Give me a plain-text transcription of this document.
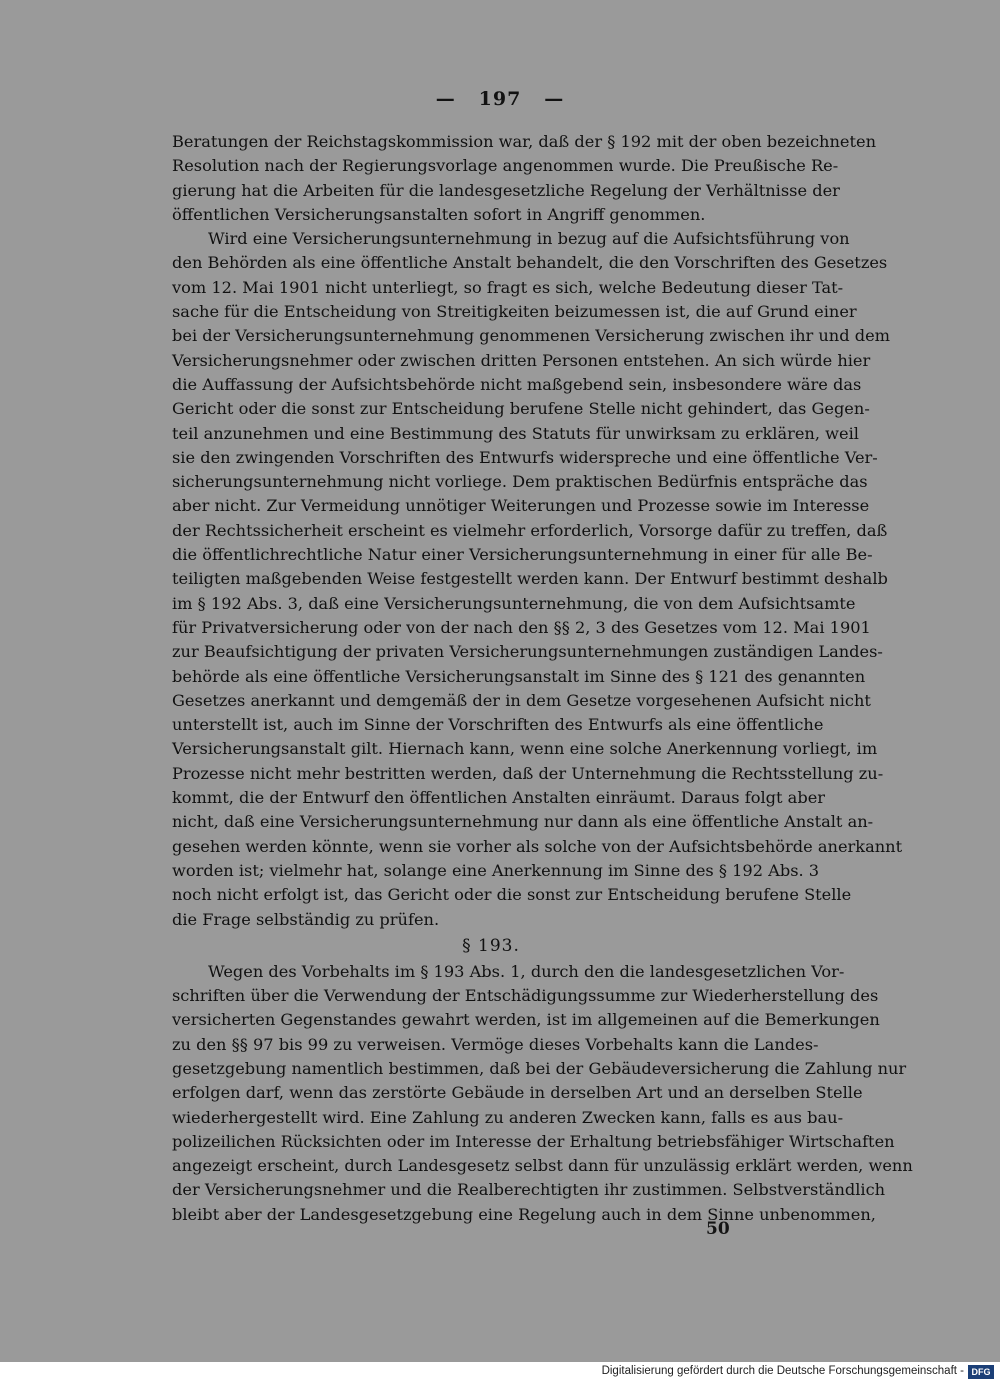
— 197 —
Beratungen der Reichstagskommission war, daß der § 192 mit der oben bezeichneten
Resolution nach der Regierungsvorlage angenommen wurde. Die Preußische Re-
gierung hat die Arbeiten für die landesgesetzliche Regelung der Verhältnisse der
öffentlichen Versicherungsanstalten sofort in Angriff genommen.
Wird eine Versicherungsunternehmung in bezug auf die Aufsichtsführung von
den Behörden als eine öffentliche Anstalt behandelt, die den Vorschriften des Gesetzes
vom 12. Mai 1901 nicht unterliegt, so fragt es sich, welche Bedeutung dieser Tat-
sache für die Entscheidung von Streitigkeiten beizumessen ist, die auf Grund einer
bei der Versicherungsunternehmung genommenen Versicherung zwischen ihr und dem
Versicherungsnehmer oder zwischen dritten Personen entstehen. An sich würde hier
die Auffassung der Aufsichtsbehörde nicht maßgebend sein, insbesondere wäre das
Gericht oder die sonst zur Entscheidung berufene Stelle nicht gehindert, das Gegen-
teil anzunehmen und eine Bestimmung des Statuts für unwirksam zu erklären, weil
sie den zwingenden Vorschriften des Entwurfs widerspreche und eine öffentliche Ver-
sicherungsunternehmung nicht vorliege. Dem praktischen Bedürfnis entspräche das
aber nicht. Zur Vermeidung unnötiger Weiterungen und Prozesse sowie im Interesse
der Rechtssicherheit erscheint es vielmehr erforderlich, Vorsorge dafür zu treffen, daß
die öffentlichrechtliche Natur einer Versicherungsunternehmung in einer für alle Be-
teiligten maßgebenden Weise festgestellt werden kann. Der Entwurf bestimmt deshalb
im § 192 Abs. 3, daß eine Versicherungsunternehmung, die von dem Aufsichtsamte
für Privatversicherung oder von der nach den §§ 2, 3 des Gesetzes vom 12. Mai 1901
zur Beaufsichtigung der privaten Versicherungsunternehmungen zuständigen Landes-
behörde als eine öffentliche Versicherungsanstalt im Sinne des § 121 des genannten
Gesetzes anerkannt und demgemäß der in dem Gesetze vorgesehenen Aufsicht nicht
unterstellt ist, auch im Sinne der Vorschriften des Entwurfs als eine öffentliche
Versicherungsanstalt gilt. Hiernach kann, wenn eine solche Anerkennung vorliegt, im
Prozesse nicht mehr bestritten werden, daß der Unternehmung die Rechtsstellung zu-
kommt, die der Entwurf den öffentlichen Anstalten einräumt. Daraus folgt aber
nicht, daß eine Versicherungsunternehmung nur dann als eine öffentliche Anstalt an-
gesehen werden könnte, wenn sie vorher als solche von der Aufsichtsbehörde anerkannt
worden ist; vielmehr hat, solange eine Anerkennung im Sinne des § 192 Abs. 3
noch nicht erfolgt ist, das Gericht oder die sonst zur Entscheidung berufene Stelle
die Frage selbständig zu prüfen.
§ 193.
Wegen des Vorbehalts im § 193 Abs. 1, durch den die landesgesetzlichen Vor-
schriften über die Verwendung der Entschädigungssumme zur Wiederherstellung des
versicherten Gegenstandes gewahrt werden, ist im allgemeinen auf die Bemerkungen
zu den §§ 97 bis 99 zu verweisen. Vermöge dieses Vorbehalts kann die Landes-
gesetzgebung namentlich bestimmen, daß bei der Gebäudeversicherung die Zahlung nur
erfolgen darf, wenn das zerstörte Gebäude in derselben Art und an derselben Stelle
wiederhergestellt wird. Eine Zahlung zu anderen Zwecken kann, falls es aus bau-
polizeilichen Rücksichten oder im Interesse der Erhaltung betriebsfähiger Wirtschaften
angezeigt erscheint, durch Landesgesetz selbst dann für unzulässig erklärt werden, wenn
der Versicherungsnehmer und die Realberechtigten ihr zustimmen. Selbstverständlich
bleibt aber der Landesgesetzgebung eine Regelung auch in dem Sinne unbenommen,
50
Digitalisierung gefördert durch die Deutsche Forschungsgemeinschaft - DFG
